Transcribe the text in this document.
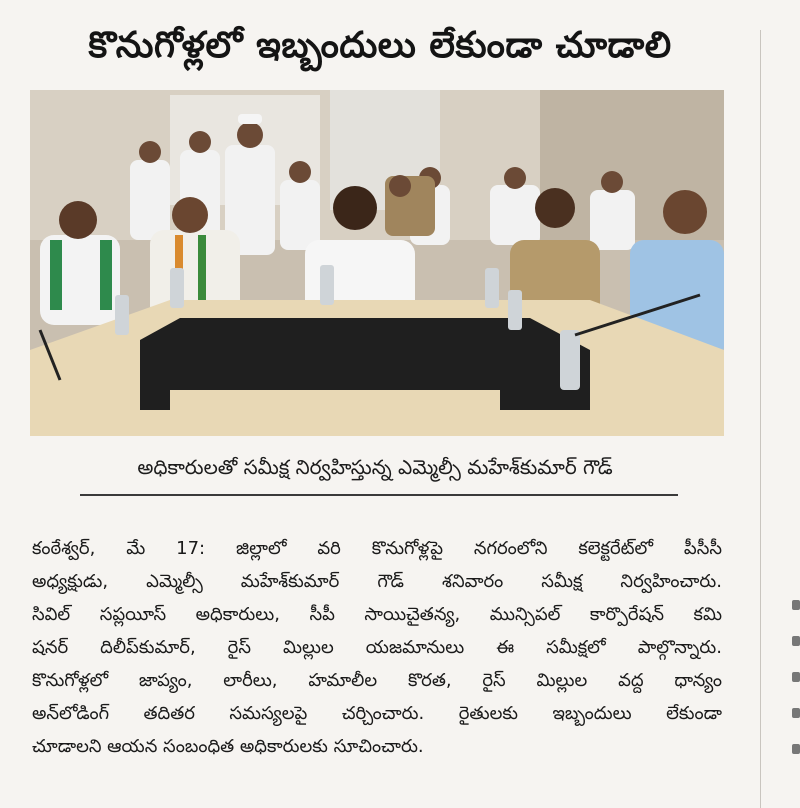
కొనుగోళ్లలో ఇబ్బందులు లేకుండా చూడాలి
అధికారులతో సమీక్ష నిర్వహిస్తున్న ఎమ్మెల్సీ మహేశ్‌కుమార్ గౌడ్
కంఠేశ్వర్, మే 17: జిల్లాలో వరి కొనుగోళ్లపై నగరంలోని కలెక్టరేట్‌లో పీసీసీ
అధ్యక్షుడు, ఎమ్మెల్సీ మహేశ్‌కుమార్ గౌడ్ శనివారం సమీక్ష నిర్వహించారు.
సివిల్ సప్లయీస్ అధికారులు, సీపీ సాయిచైతన్య, మున్సిపల్ కార్పొరేషన్ కమి
షనర్ దిలీప్‌కుమార్, రైస్ మిల్లుల యజమానులు ఈ సమీక్షలో పాల్గొన్నారు.
కొనుగోళ్లలో జాప్యం, లారీలు, హమాలీల కొరత, రైస్ మిల్లుల వద్ద ధాన్యం
అన్‌లోడింగ్ తదితర సమస్యలపై చర్చించారు. రైతులకు ఇబ్బందులు లేకుండా
చూడాలని ఆయన సంబంధిత అధికారులకు సూచించారు.
